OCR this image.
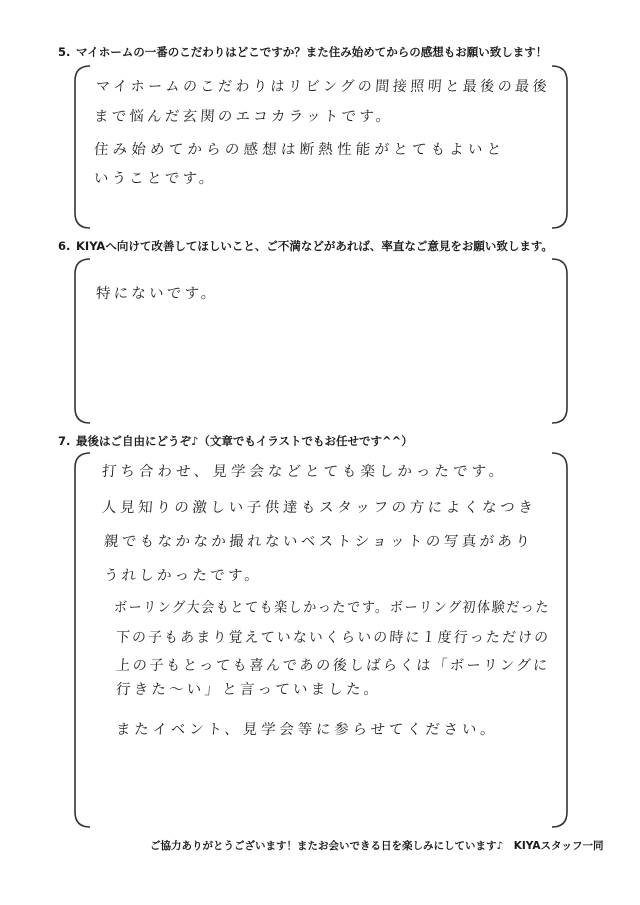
5. マイホームの一番のこだわりはどこですか？また住み始めてからの感想もお願い致します！
マイホームのこだわりはリビングの間接照明と最後の最後
まで悩んだ玄関のエコカラットです。
住み始めてからの感想は断熱性能がとてもよいと
いうことです。
6. KIYAへ向けて改善してほしいこと、ご不満などがあれば、率直なご意見をお願い致します。
特にないです。
7. 最後はご自由にどうぞ♪（文章でもイラストでもお任せです^^）
打ち合わせ、見学会などとても楽しかったです。
人見知りの激しい子供達もスタッフの方によくなつき
親でもなかなか撮れないベストショットの写真があり
うれしかったです。
ボーリング大会もとても楽しかったです。ボーリング初体験だった
下の子もあまり覚えていないくらいの時に１度行っただけの
上の子もとっても喜んであの後しばらくは「ボーリングに
行きた〜い」と言っていました。
またイベント、見学会等に参らせてください。
ご協力ありがとうございます！またお会いできる日を楽しみにしています♪　KIYAスタッフ一同
